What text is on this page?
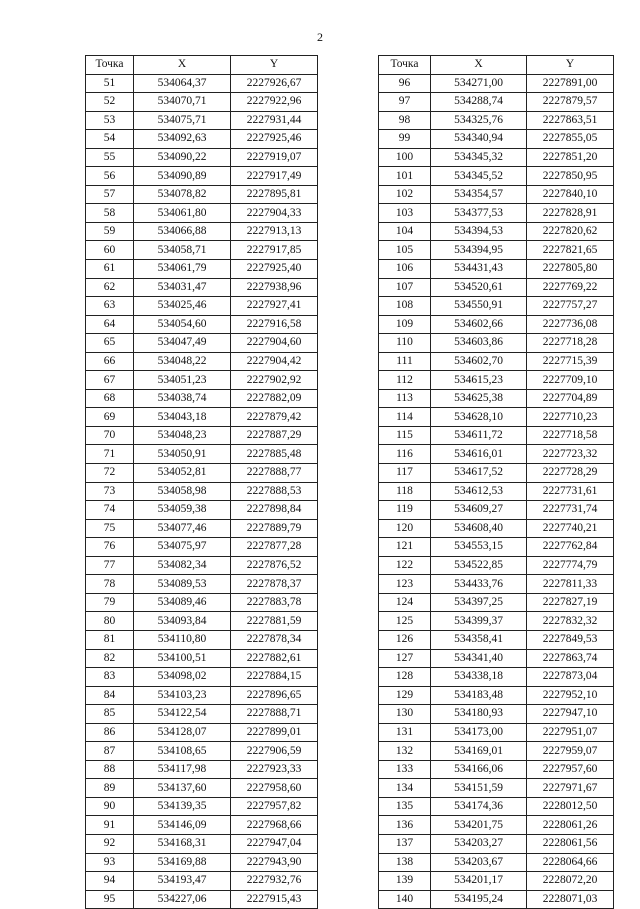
2
Точка	X	Y
51	534064,37	2227926,67
52	534070,71	2227922,96
53	534075,71	2227931,44
54	534092,63	2227925,46
55	534090,22	2227919,07
56	534090,89	2227917,49
57	534078,82	2227895,81
58	534061,80	2227904,33
59	534066,88	2227913,13
60	534058,71	2227917,85
61	534061,79	2227925,40
62	534031,47	2227938,96
63	534025,46	2227927,41
64	534054,60	2227916,58
65	534047,49	2227904,60
66	534048,22	2227904,42
67	534051,23	2227902,92
68	534038,74	2227882,09
69	534043,18	2227879,42
70	534048,23	2227887,29
71	534050,91	2227885,48
72	534052,81	2227888,77
73	534058,98	2227888,53
74	534059,38	2227898,84
75	534077,46	2227889,79
76	534075,97	2227877,28
77	534082,34	2227876,52
78	534089,53	2227878,37
79	534089,46	2227883,78
80	534093,84	2227881,59
81	534110,80	2227878,34
82	534100,51	2227882,61
83	534098,02	2227884,15
84	534103,23	2227896,65
85	534122,54	2227888,71
86	534128,07	2227899,01
87	534108,65	2227906,59
88	534117,98	2227923,33
89	534137,60	2227958,60
90	534139,35	2227957,82
91	534146,09	2227968,66
92	534168,31	2227947,04
93	534169,88	2227943,90
94	534193,47	2227932,76
95	534227,06	2227915,43
Точка	X	Y
96	534271,00	2227891,00
97	534288,74	2227879,57
98	534325,76	2227863,51
99	534340,94	2227855,05
100	534345,32	2227851,20
101	534345,52	2227850,95
102	534354,57	2227840,10
103	534377,53	2227828,91
104	534394,53	2227820,62
105	534394,95	2227821,65
106	534431,43	2227805,80
107	534520,61	2227769,22
108	534550,91	2227757,27
109	534602,66	2227736,08
110	534603,86	2227718,28
111	534602,70	2227715,39
112	534615,23	2227709,10
113	534625,38	2227704,89
114	534628,10	2227710,23
115	534611,72	2227718,58
116	534616,01	2227723,32
117	534617,52	2227728,29
118	534612,53	2227731,61
119	534609,27	2227731,74
120	534608,40	2227740,21
121	534553,15	2227762,84
122	534522,85	2227774,79
123	534433,76	2227811,33
124	534397,25	2227827,19
125	534399,37	2227832,32
126	534358,41	2227849,53
127	534341,40	2227863,74
128	534338,18	2227873,04
129	534183,48	2227952,10
130	534180,93	2227947,10
131	534173,00	2227951,07
132	534169,01	2227959,07
133	534166,06	2227957,60
134	534151,59	2227971,67
135	534174,36	2228012,50
136	534201,75	2228061,26
137	534203,27	2228061,56
138	534203,67	2228064,66
139	534201,17	2228072,20
140	534195,24	2228071,03
